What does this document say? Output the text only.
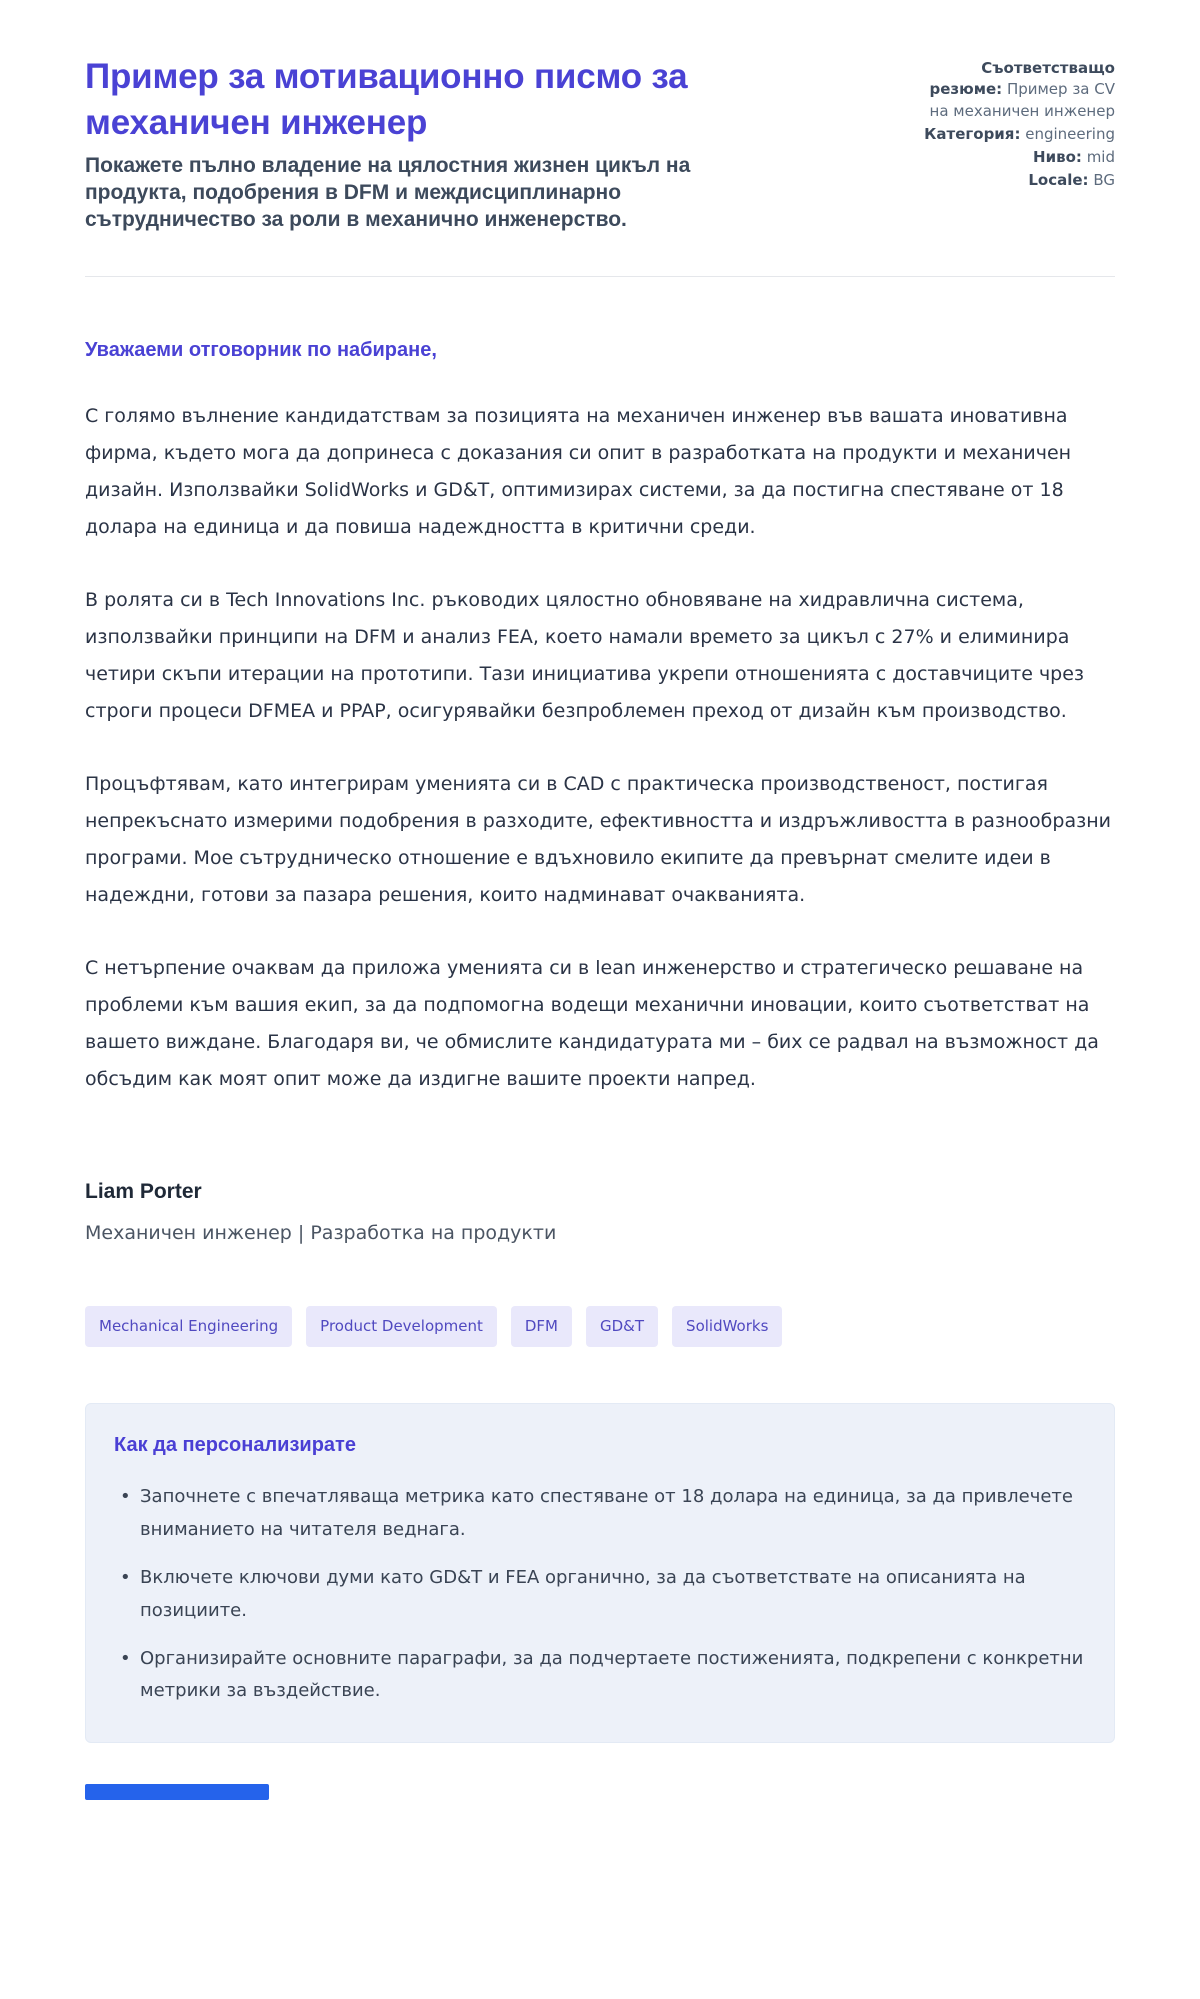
Пример за мотивационно писмо за механичен инженер

Покажете пълно владение на цялостния жизнен цикъл на продукта, подобрения в DFM и междисциплинарно сътрудничество за роли в механично инженерство.

Съответстващо резюме: Пример за CV на механичен инженер
Категория: engineering
Ниво: mid
Locale: BG

Уважаеми отговорник по набиране,

С голямо вълнение кандидатствам за позицията на механичен инженер във вашата иновативна фирма, където мога да допринеса с доказания си опит в разработката на продукти и механичен дизайн. Използвайки SolidWorks и GD&T, оптимизирах системи, за да постигна спестяване от 18 долара на единица и да повиша надеждността в критични среди.

В ролята си в Tech Innovations Inc. ръководих цялостно обновяване на хидравлична система, използвайки принципи на DFM и анализ FEA, което намали времето за цикъл с 27% и елиминира четири скъпи итерации на прототипи. Тази инициатива укрепи отношенията с доставчиците чрез строги процеси DFMEA и PPAP, осигурявайки безпроблемен преход от дизайн към производство.

Процъфтявам, като интегрирам уменията си в CAD с практическа производственост, постигая непрекъснато измерими подобрения в разходите, ефективността и издръжливостта в разнообразни програми. Мое сътрудническо отношение е вдъхновило екипите да превърнат смелите идеи в надеждни, готови за пазара решения, които надминават очакванията.

С нетърпение очаквам да приложа уменията си в lean инженерство и стратегическо решаване на проблеми към вашия екип, за да подпомогна водещи механични иновации, които съответстват на вашето виждане. Благодаря ви, че обмислите кандидатурата ми – бих се радвал на възможност да обсъдим как моят опит може да издигне вашите проекти напред.

Liam Porter

Механичен инженер | Разработка на продукти

Mechanical Engineering	Product Development	DFM	GD&T	SolidWorks
Как да персонализирате
• Започнете с впечатляваща метрика като спестяване от 18 долара на единица, за да привлечете вниманието на читателя веднага.
• Включете ключови думи като GD&T и FEA органично, за да съответствате на описанията на позициите.
• Организирайте основните параграфи, за да подчертаете постиженията, подкрепени с конкретни метрики за въздействие.
